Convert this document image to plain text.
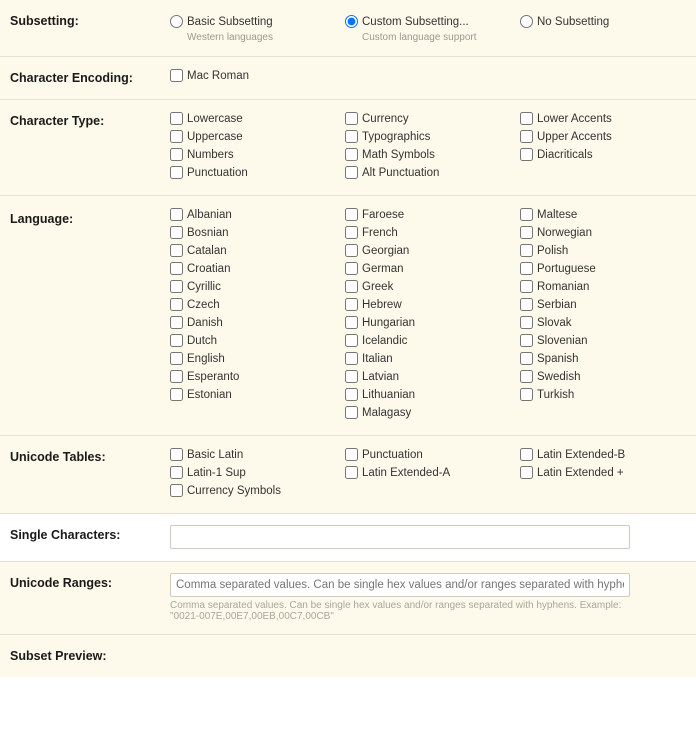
Subsetting:	Basic Subsetting
Western languages
Custom Subsetting...
Custom language support
No Subsetting
Character Encoding:	Mac Roman
Character Type:	Lowercase
Uppercase
Numbers
Punctuation
Currency
Typographics
Math Symbols
Alt Punctuation
Lower Accents
Upper Accents
Diacriticals
Language:	Albanian
Bosnian
Catalan
Croatian
Cyrillic
Czech
Danish
Dutch
English
Esperanto
Estonian
Faroese
French
Georgian
German
Greek
Hebrew
Hungarian
Icelandic
Italian
Latvian
Lithuanian
Malagasy
Maltese
Norwegian
Polish
Portuguese
Romanian
Serbian
Slovak
Slovenian
Spanish
Swedish
Turkish
Unicode Tables:	Basic Latin
Latin-1 Sup
Currency Symbols
Punctuation
Latin Extended-A
Latin Extended-B
Latin Extended +
Single Characters:
Unicode Ranges:
Comma separated values. Can be single hex values and/or ranges separated with hyphens. Example: "0021-007E,00E7,00EB,00C7,00CB"
Comma separated values. Can be single hex values and/or ranges separated with hyphens. Example: "0021-007E,00E7,00EB,00C7,00CB"
Subset Preview:
